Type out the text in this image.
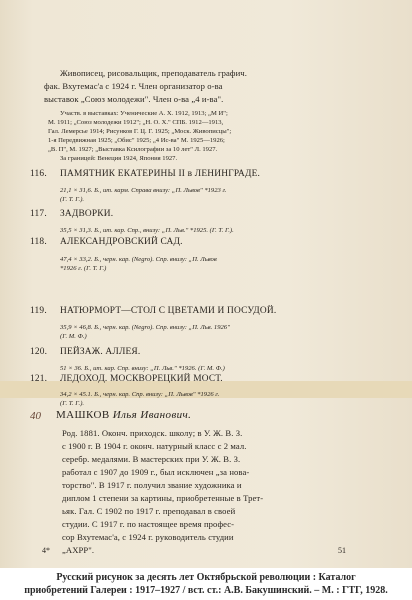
Живописец, рисовальщик, преподаватель графич.
фак. Вхутемас'а с 1924 г. Член организатор о-ва
выставок „Союз молодежи". Член о-ва „4 и-ва".
Участв. в выставках: Ученические А. Х. 1912, 1913; „М И";
М. 1911; „Союз молодежи 1912"; „Н. О. Х." СПБ. 1912—1913,
Гал. Лемерсье 1914; Рисунков Г. Ц. Г. 1925; „Моск. Живописцы";
1-я Передвижная 1925; „Обис" 1925; „4 Ис-ва" М. 1925—1926;
„В. П", М. 1927; „Выставка Ксилографии за 10 лет" Л. 1927.
За границей: Венеция 1924, Япония 1927.
116. ПАМЯТНИК ЕКАТЕРИНЫ II в ЛЕНИНГРАДЕ.
21,1 × 31,6. Б., ит. карм. Справа внизу: „П. Львов" *1923 г.
(Г. Т. Г.).
117. ЗАДВОРКИ.
35,5 × 31,3. Б., ит. кар. Спр., внизу: „П. Льв." *1925. (Г. Т. Г.).
118. АЛЕКСАНДРОВСКИЙ САД.
47,4 × 33,2. Б., черн. кар. (Negro). Спр. внизу: „П. Львов
*1926 г. (Г. Т. Г.)
119. НАТЮРМОРТ—СТОЛ С ЦВЕТАМИ И ПОСУДОЙ.
35,9 × 46,8. Б., черн. кар. (Negro). Спр. внизу: „П. Льв. 1926"
(Г. М. Ф.)
120. ПЕЙЗАЖ. АЛЛЕЯ.
51 × 36. Б., ит. кар. Спр. внизу: „П. Льв." *1926. (Г. М. Ф.)
121. ЛЕДОХОД. МОСКВОРЕЦКИЙ МОСТ.
34,2 × 45.1. Б., черн. кар. Спр. внизу: „П. Львов" *1926 г.
(Г. Т. Г.).
40 МАШКОВ Илья Иванович.
Род. 1881. Оконч. приходск. школу; в У. Ж. В. З.
с 1900 г. В 1904 г. оконч. натурный класс с 2 мал.
серебр. медалями. В мастерских при У. Ж. В. З.
работал с 1907 до 1909 г., был исключен „за нова-
торство". В 1917 г. получил звание художника и
диплом 1 степени за картины, приобретенные в Трет-
ьяк. Гал. С 1902 по 1917 г. преподавал в своей
студии. С 1917 г. по настоящее время профес-
сор Вхутемас'а, с 1924 г. руководитель студии
„АХРР".
4*	51
Русский рисунок за десять лет Октябрьской революции : Каталог
приобретений Галереи : 1917–1927 / вст. ст.: А.В. Бакушинский. – М. : ГТГ, 1928.
